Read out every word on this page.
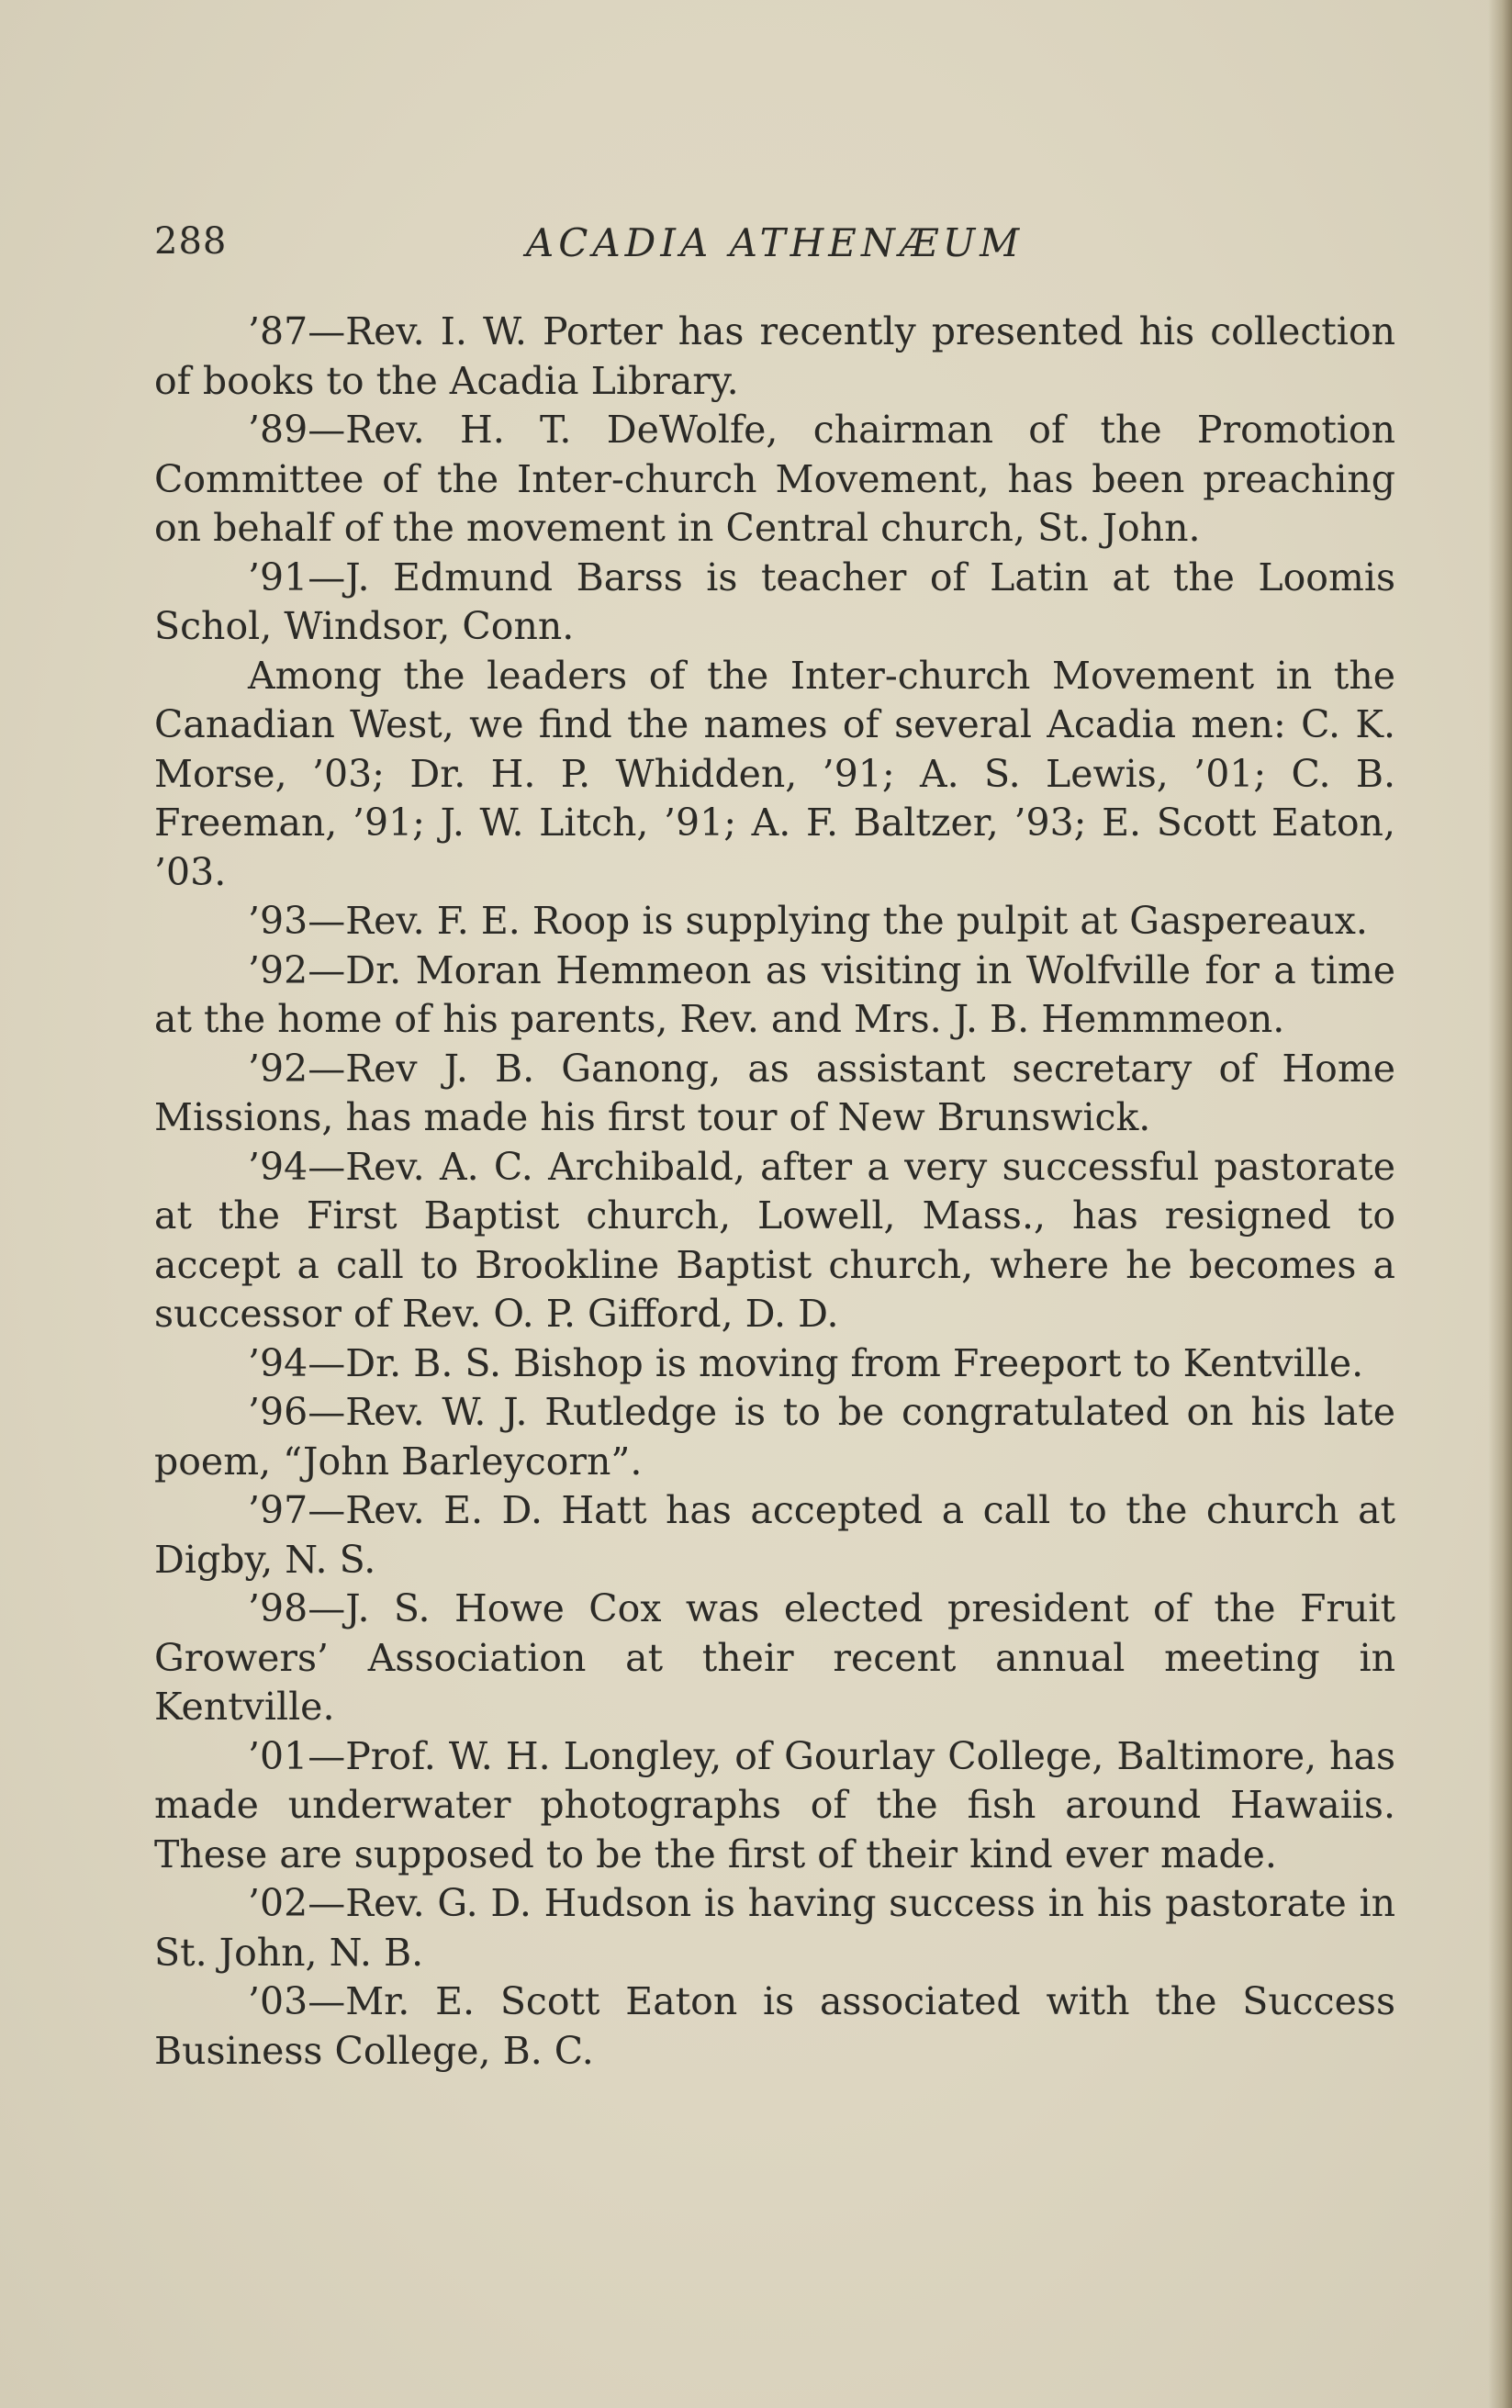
288	ACADIA ATHENÆUM

’87—Rev. I. W. Porter has recently presented his collection of books to the Acadia Library.

’89—Rev. H. T. DeWolfe, chairman of the Promotion Committee of the Inter-church Movement, has been preaching on behalf of the movement in Central church, St. John.

’91—J. Edmund Barss is teacher of Latin at the Loomis Schol, Windsor, Conn.

Among the leaders of the Inter-church Movement in the Canadian West, we find the names of several Acadia men: C. K. Morse, ’03; Dr. H. P. Whidden, ’91; A. S. Lewis, ’01; C. B. Freeman, ’91; J. W. Litch, ’91; A. F. Baltzer, ’93; E. Scott Eaton, ’03.

’93—Rev. F. E. Roop is supplying the pulpit at Gaspereaux.

’92—Dr. Moran Hemmeon as visiting in Wolfville for a time at the home of his parents, Rev. and Mrs. J. B. Hemmmeon.

’92—Rev J. B. Ganong, as assistant secretary of Home Missions, has made his first tour of New Brunswick.

’94—Rev. A. C. Archibald, after a very successful pastorate at the First Baptist church, Lowell, Mass., has resigned to accept a call to Brookline Baptist church, where he becomes a successor of Rev. O. P. Gifford, D. D.

’94—Dr. B. S. Bishop is moving from Freeport to Kentville.

’96—Rev. W. J. Rutledge is to be congratulated on his late poem, “John Barleycorn”.

’97—Rev. E. D. Hatt has accepted a call to the church at Digby, N. S.

’98—J. S. Howe Cox was elected president of the Fruit Growers’ Association at their recent annual meeting in Kentville.

’01—Prof. W. H. Longley, of Gourlay College, Baltimore, has made underwater photographs of the fish around Hawaiis. These are supposed to be the first of their kind ever made.

’02—Rev. G. D. Hudson is having success in his pastorate in St. John, N. B.

’03—Mr. E. Scott Eaton is associated with the Success Business College, B. C.
